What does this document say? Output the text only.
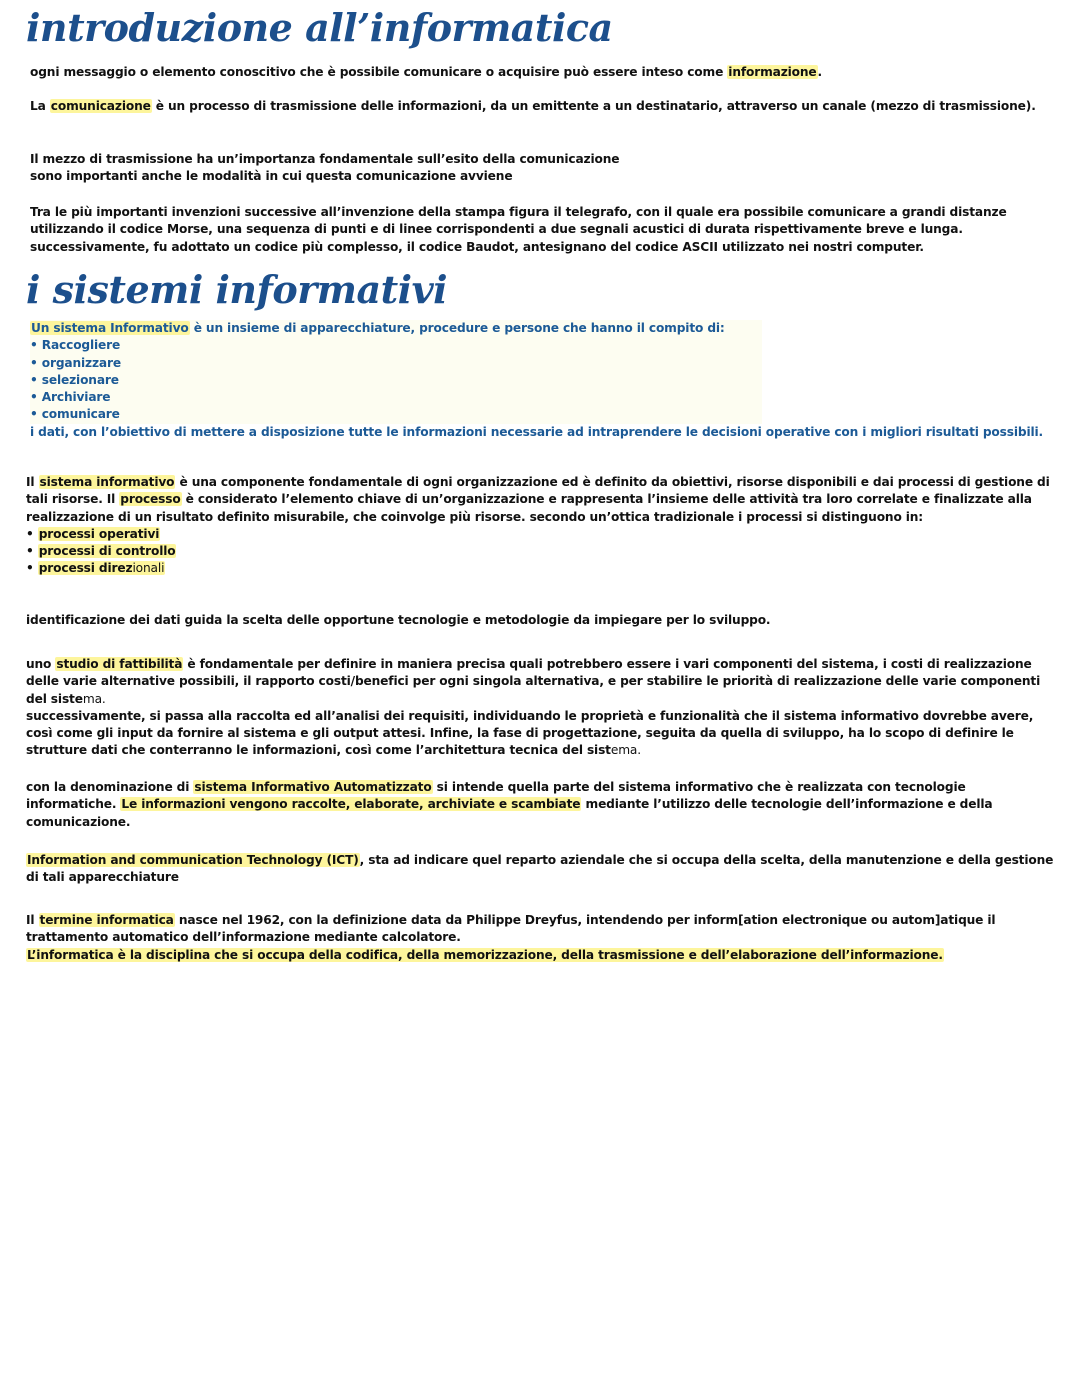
introduzione all’informatica

ogni messaggio o elemento conoscitivo che è possibile comunicare o acquisire può essere inteso come informazione.

La comunicazione è un processo di trasmissione delle informazioni, da un emittente a un destinatario, attraverso un canale (mezzo di trasmissione).

Il mezzo di trasmissione ha un’importanza fondamentale sull’esito della comunicazione

sono importanti anche le modalità in cui questa comunicazione avviene

Tra le più importanti invenzioni successive all’invenzione della stampa figura il telegrafo, con il quale era possibile comunicare a grandi distanze utilizzando il codice Morse, una sequenza di punti e di linee corrispondenti a due segnali acustici di durata rispettivamente breve e lunga.

successivamente, fu adottato un codice più complesso, il codice Baudot, antesignano del codice ASCII utilizzato nei nostri computer.

i sistemi informativi

Un sistema Informativo è un insieme di apparecchiature, procedure e persone che hanno il compito di:

• Raccogliere
• organizzare
• selezionare
• Archiviare
• comunicare

i dati, con l’obiettivo di mettere a disposizione tutte le informazioni necessarie ad intraprendere le decisioni operative con i migliori risultati possibili.

Il sistema informativo è una componente fondamentale di ogni organizzazione ed è definito da obiettivi, risorse disponibili e dai processi di gestione di tali risorse. Il processo è considerato l’elemento chiave di un’organizzazione e rappresenta l’insieme delle attività tra loro correlate e finalizzate alla realizzazione di un risultato definito misurabile, che coinvolge più risorse. secondo un’ottica tradizionale i processi si distinguono in:

• processi operativi
• processi di controllo
• processi direzionali

identificazione dei dati guida la scelta delle opportune tecnologie e metodologie da impiegare per lo sviluppo.

uno studio di fattibilità è fondamentale per definire in maniera precisa quali potrebbero essere i vari componenti del sistema, i costi di realizzazione delle varie alternative possibili, il rapporto costi/benefici per ogni singola alternativa, e per stabilire le priorità di realizzazione delle varie componenti del sistema.

successivamente, si passa alla raccolta ed all’analisi dei requisiti, individuando le proprietà e funzionalità che il sistema informativo dovrebbe avere, così come gli input da fornire al sistema e gli output attesi. Infine, la fase di progettazione, seguita da quella di sviluppo, ha lo scopo di definire le strutture dati che conterranno le informazioni, così come l’architettura tecnica del sistema.

con la denominazione di sistema Informativo Automatizzato si intende quella parte del sistema informativo che è realizzata con tecnologie informatiche. Le informazioni vengono raccolte, elaborate, archiviate e scambiate mediante l’utilizzo delle tecnologie dell’informazione e della comunicazione.

Information and communication Technology (ICT), sta ad indicare quel reparto aziendale che si occupa della scelta, della manutenzione e della gestione di tali apparecchiature

Il termine informatica nasce nel 1962, con la definizione data da Philippe Dreyfus, intendendo per inform[ation electronique ou autom]atique il trattamento automatico dell’informazione mediante calcolatore.

L’informatica è la disciplina che si occupa della codifica, della memorizzazione, della trasmissione e dell’elaborazione dell’informazione.
